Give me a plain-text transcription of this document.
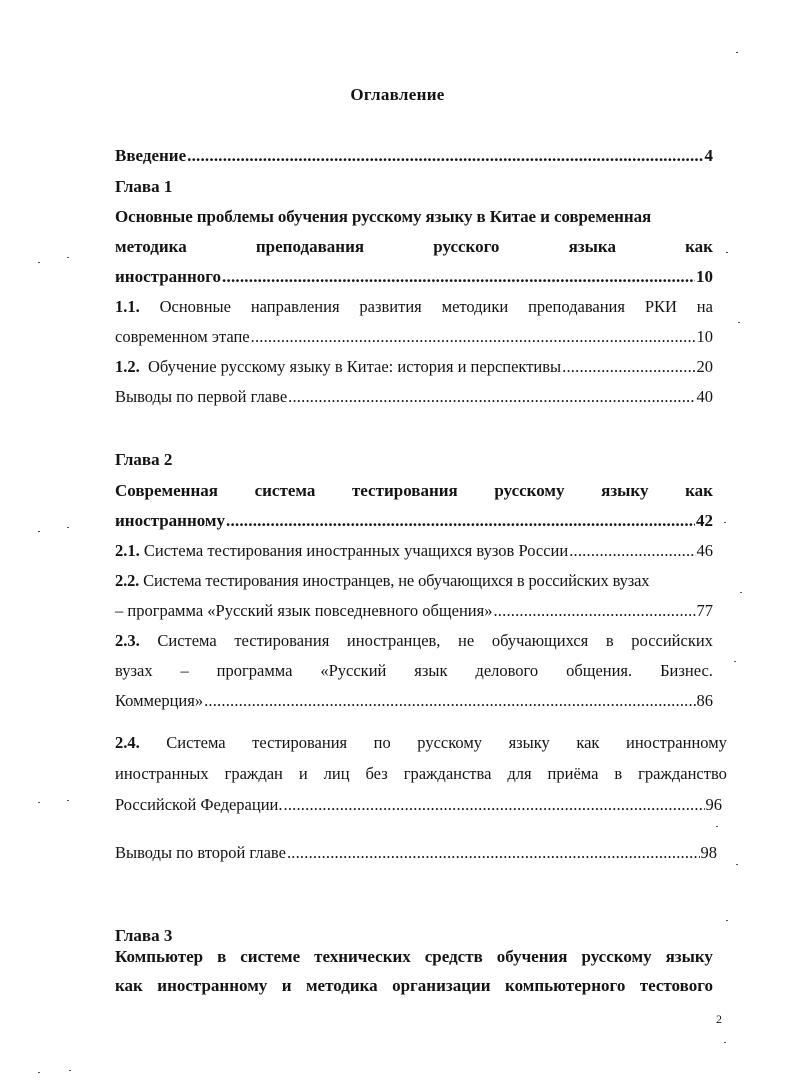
Оглавление
Введение .....	4
Глава 1
Основные проблемы обучения русскому языку в Китае и современная
методика	преподавания	русского	языка	как
иностранного .....	10
1.1. Основные направления развития методики преподавания РКИ на
современном этапе .....	10
1.2. Обучение русскому языку в Китае: история и перспективы .....	20
Выводы по первой главе .....	40
Глава 2
Современная система тестирования русскому языку как
иностранному .....	42
2.1. Система тестирования иностранных учащихся вузов России .....	46
2.2. Система тестирования иностранцев, не обучающихся в российских вузах
– программа «Русский язык повседневного общения» .....	77
2.3. Система тестирования иностранцев, не обучающихся в российских
вузах – программа «Русский язык делового общения. Бизнес.
Коммерция» .....	86
2.4. Система тестирования по русскому языку как иностранному
иностранных граждан и лиц без гражданства для приёма в гражданство
Российской Федерации. .....	96
Выводы по второй главе .....	98
Глава 3
Компьютер в системе технических средств обучения русскому языку
как иностранному и методика организации компьютерного тестового
2
